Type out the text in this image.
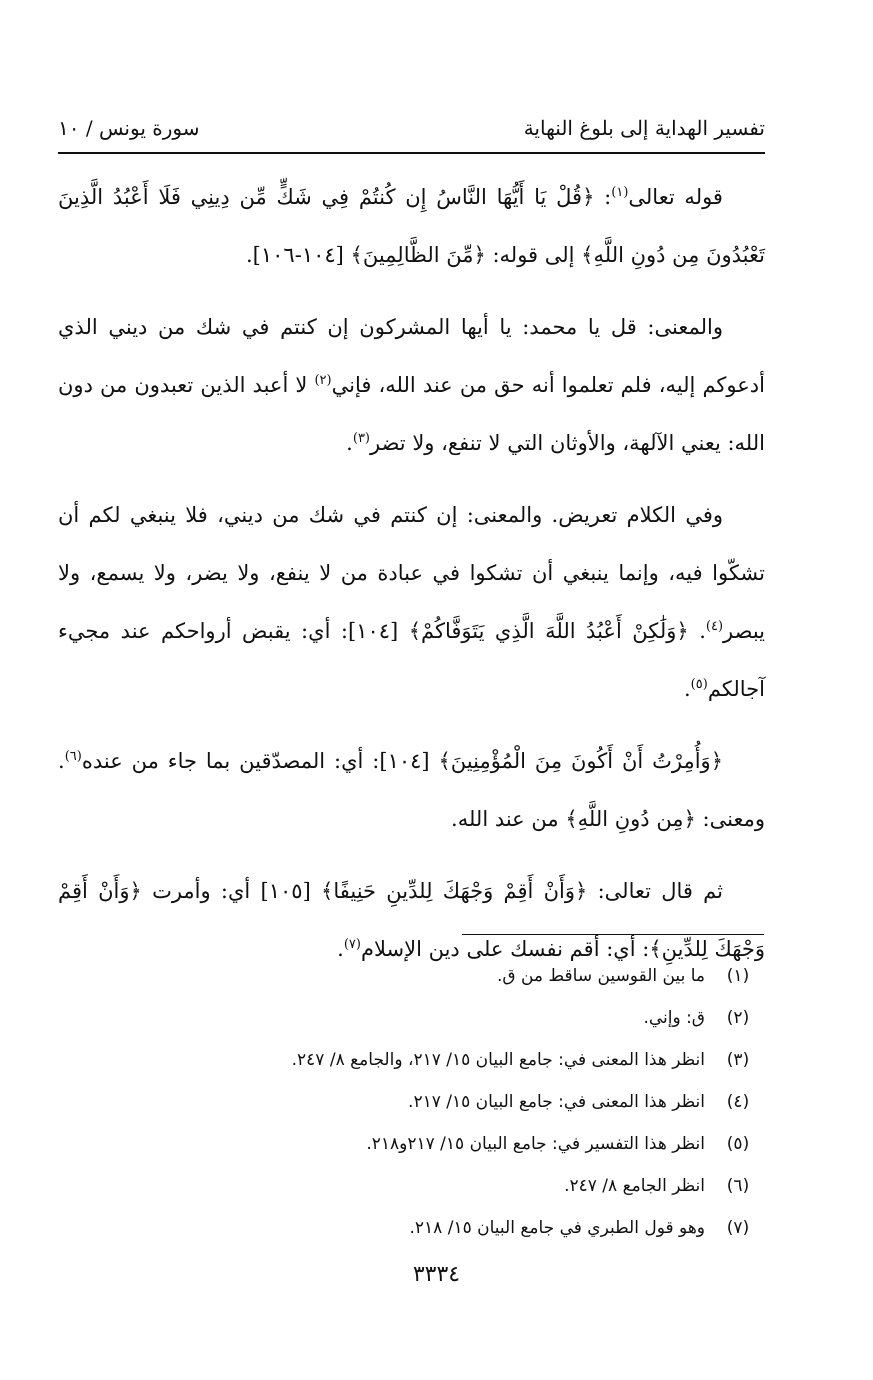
تفسير الهداية إلى بلوغ النهاية
سورة يونس / ١٠

قوله تعالى$^{(١)}$: ﴿قُلْ يَا أَيُّهَا النَّاسُ إِن كُنتُمْ فِي شَكٍّ مِّن دِينِي فَلَا أَعْبُدُ الَّذِينَ تَعْبُدُونَ مِن دُونِ اللَّهِ﴾ إلى قوله: ﴿مِّنَ الظَّالِمِينَ﴾ [١٠٤-١٠٦].

والمعنى: قل يا محمد: يا أيها المشركون إن كنتم في شك من ديني الذي أدعوكم إليه، فلم تعلموا أنه حق من عند الله، فإني$^{(٢)}$ لا أعبد الذين تعبدون من دون الله: يعني الآلهة، والأوثان التي لا تنفع، ولا تضر$^{(٣)}$.

وفي الكلام تعريض. والمعنى: إن كنتم في شك من ديني، فلا ينبغي لكم أن تشكّوا فيه، وإنما ينبغي أن تشكوا في عبادة من لا ينفع، ولا يضر، ولا يسمع، ولا يبصر$^{(٤)}$. ﴿وَلَٰكِنْ أَعْبُدُ اللَّهَ الَّذِي يَتَوَفَّاكُمْ﴾ [١٠٤]: أي: يقبض أرواحكم عند مجيء آجالكم$^{(٥)}$.

﴿وَأُمِرْتُ أَنْ أَكُونَ مِنَ الْمُؤْمِنِينَ﴾ [١٠٤]: أي: المصدّقين بما جاء من عنده$^{(٦)}$. ومعنى: ﴿مِن دُونِ اللَّهِ﴾ من عند الله.

ثم قال تعالى: ﴿وَأَنْ أَقِمْ وَجْهَكَ لِلدِّينِ حَنِيفًا﴾ [١٠٥] أي: وأمرت ﴿وَأَنْ أَقِمْ وَجْهَكَ لِلدِّينِ﴾: أي: أقم نفسك على دين الإسلام$^{(٧)}$.

(١)
ما بين القوسين ساقط من ق.
(٢)
ق: وإني.
(٣)
انظر هذا المعنى في: جامع البيان ١٥/ ٢١٧، والجامع ٨/ ٢٤٧.
(٤)
انظر هذا المعنى في: جامع البيان ١٥/ ٢١٧.
(٥)
انظر هذا التفسير في: جامع البيان ١٥/ ٢١٧و٢١٨.
(٦)
انظر الجامع ٨/ ٢٤٧.
(٧)
وهو قول الطبري في جامع البيان ١٥/ ٢١٨.
٣٣٣٤
